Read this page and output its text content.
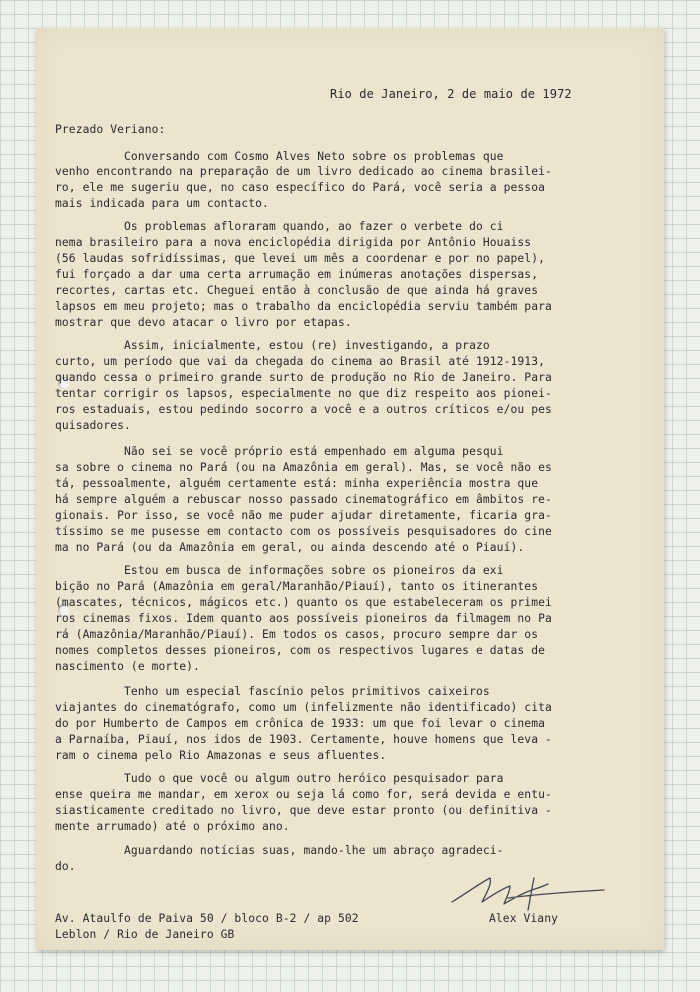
Rio de Janeiro, 2 de maio de 1972
Prezado Veriano:
Conversando com Cosmo Alves Neto sobre os problemas que
venho encontrando na preparação de um livro dedicado ao cinema brasilei-
ro, ele me sugeriu que, no caso específico do Pará, você seria a pessoa
mais indicada para um contacto.
Os problemas afloraram quando, ao fazer o verbete do ci
nema brasileiro para a nova enciclopédia dirigida por Antônio Houaiss
(56 laudas sofridíssimas, que levei um mês a coordenar e por no papel),
fui forçado a dar uma certa arrumação em inúmeras anotações dispersas,
recortes, cartas etc. Cheguei então à conclusão de que ainda há graves
lapsos em meu projeto; mas o trabalho da enciclopédia serviu também para
mostrar que devo atacar o livro por etapas.
Assim, inicialmente, estou (re) investigando, a prazo
curto, um período que vai da chegada do cinema ao Brasil até 1912-1913,
quando cessa o primeiro grande surto de produção no Rio de Janeiro. Para
tentar corrigir os lapsos, especialmente no que diz respeito aos pionei-
ros estaduais, estou pedindo socorro a você e a outros críticos e/ou pes
quisadores.
Não sei se você próprio está empenhado em alguma pesqui
sa sobre o cinema no Pará (ou na Amazônia em geral). Mas, se você não es
tá, pessoalmente, alguém certamente está: minha experiência mostra que
há sempre alguém a rebuscar nosso passado cinematográfico em âmbitos re-
gionais. Por isso, se você não me puder ajudar diretamente, ficaria gra-
tíssimo se me pusesse em contacto com os possíveis pesquisadores do cine
ma no Pará (ou da Amazônia em geral, ou ainda descendo até o Piauí).
Estou em busca de informações sobre os pioneiros da exi
bição no Pará (Amazônia em geral/Maranhão/Piauí), tanto os itinerantes
(mascates, técnicos, mágicos etc.) quanto os que estabeleceram os primei
ros cinemas fixos. Idem quanto aos possíveis pioneiros da filmagem no Pa
rá (Amazônia/Maranhão/Piauí). Em todos os casos, procuro sempre dar os
nomes completos desses pioneiros, com os respectivos lugares e datas de
nascimento (e morte).
Tenho um especial fascínio pelos primitivos caixeiros
viajantes do cinematógrafo, como um (infelizmente não identificado) cita
do por Humberto de Campos em crônica de 1933: um que foi levar o cinema
a Parnaíba, Piauí, nos idos de 1903. Certamente, houve homens que leva -
ram o cinema pelo Rio Amazonas e seus afluentes.
Tudo o que você ou algum outro heróico pesquisador para
ense queira me mandar, em xerox ou seja lá como for, será devida e entu-
siasticamente creditado no livro, que deve estar pronto (ou definitiva -
mente arrumado) até o próximo ano.
Aguardando notícias suas, mando-lhe um abraço agradeci-
do.
Av. Ataulfo de Paiva 50 / bloco B-2 / ap 502
Leblon / Rio de Janeiro GB
Alex Viany
